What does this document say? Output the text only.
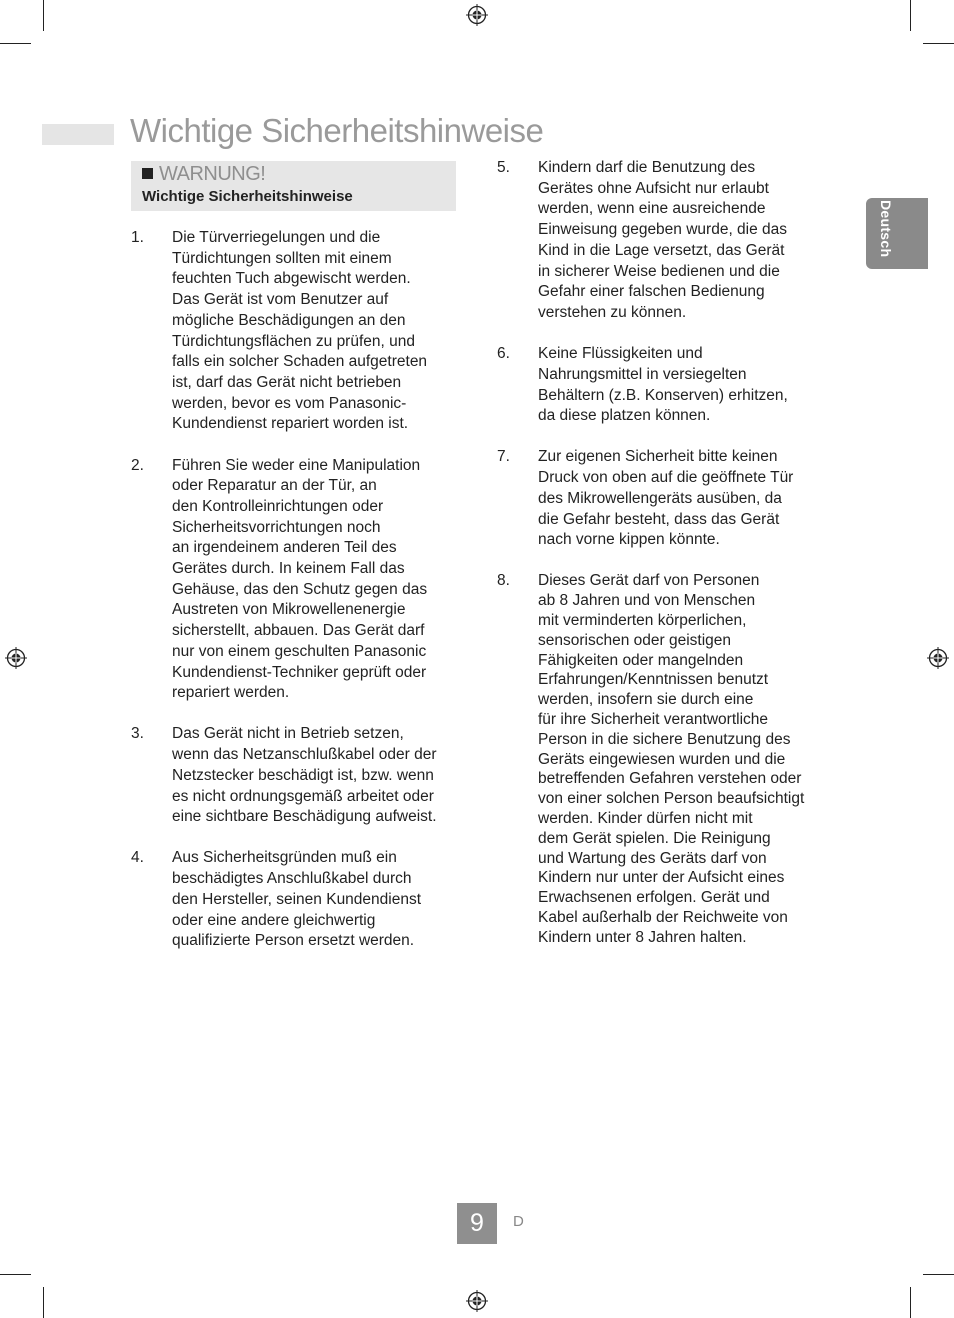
Wichtige Sicherheitshinweise
WARNUNG!
Wichtige Sicherheitshinweise
1. Die Türverriegelungen und die
Türdichtungen sollten mit einem
feuchten Tuch abgewischt werden.
Das Gerät ist vom Benutzer auf
mögliche Beschädigungen an den
Türdichtungsflächen zu prüfen, und
falls ein solcher Schaden aufgetreten
ist, darf das Gerät nicht betrieben
werden, bevor es vom Panasonic-
Kundendienst repariert worden ist.
2. Führen Sie weder eine Manipulation
oder Reparatur an der Tür, an
den Kontrolleinrichtungen oder
Sicherheitsvorrichtungen noch
an irgendeinem anderen Teil des
Gerätes durch. In keinem Fall das
Gehäuse, das den Schutz gegen das
Austreten von Mikrowellenenergie
sicherstellt, abbauen. Das Gerät darf
nur von einem geschulten Panasonic
Kundendienst-Techniker geprüft oder
repariert werden.
3. Das Gerät nicht in Betrieb setzen,
wenn das Netzanschlußkabel oder der
Netzstecker beschädigt ist, bzw. wenn
es nicht ordnungsgemäß arbeitet oder
eine sichtbare Beschädigung aufweist.
4. Aus Sicherheitsgründen muß ein
beschädigtes Anschlußkabel durch
den Hersteller, seinen Kundendienst
oder eine andere gleichwertig
qualifizierte Person ersetzt werden.
5. Kindern darf die Benutzung des
Gerätes ohne Aufsicht nur erlaubt
werden, wenn eine ausreichende
Einweisung gegeben wurde, die das
Kind in die Lage versetzt, das Gerät
in sicherer Weise bedienen und die
Gefahr einer falschen Bedienung
verstehen zu können.
6. Keine Flüssigkeiten und
Nahrungsmittel in versiegelten
Behältern (z.B. Konserven) erhitzen,
da diese platzen können.
7. Zur eigenen Sicherheit bitte keinen
Druck von oben auf die geöffnete Tür
des Mikrowellengeräts ausüben, da
die Gefahr besteht, dass das Gerät
nach vorne kippen könnte.
8. Dieses Gerät darf von Personen
ab 8 Jahren und von Menschen
mit verminderten körperlichen,
sensorischen oder geistigen
Fähigkeiten oder mangelnden
Erfahrungen/Kenntnissen benutzt
werden, insofern sie durch eine
für ihre Sicherheit verantwortliche
Person in die sichere Benutzung des
Geräts eingewiesen wurden und die
betreffenden Gefahren verstehen oder
von einer solchen Person beaufsichtigt
werden. Kinder dürfen nicht mit
dem Gerät spielen. Die Reinigung
und Wartung des Geräts darf von
Kindern nur unter der Aufsicht eines
Erwachsenen erfolgen. Gerät und
Kabel außerhalb der Reichweite von
Kindern unter 8 Jahren halten.
Deutsch
9	D
